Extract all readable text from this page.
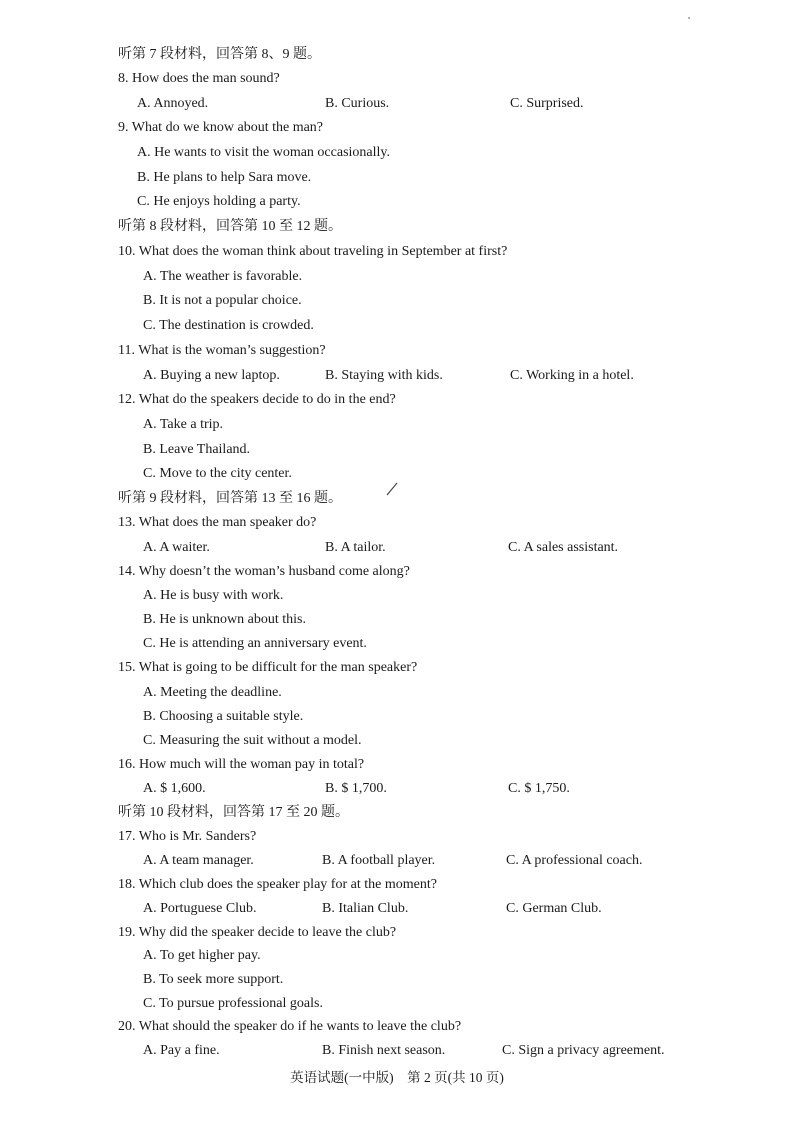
听第 7 段材料，回答第 8、9 题。
8. How does the man sound?
A. Annoyed.	B. Curious.	C. Surprised.
9. What do we know about the man?
A. He wants to visit the woman occasionally.
B. He plans to help Sara move.
C. He enjoys holding a party.
听第 8 段材料，回答第 10 至 12 题。
10. What does the woman think about traveling in September at first?
A. The weather is favorable.
B. It is not a popular choice.
C. The destination is crowded.
11. What is the woman’s suggestion?
A. Buying a new laptop.	B. Staying with kids.	C. Working in a hotel.
12. What do the speakers decide to do in the end?
A. Take a trip.
B. Leave Thailand.
C. Move to the city center.
听第 9 段材料，回答第 13 至 16 题。
13. What does the man speaker do?
A. A waiter.	B. A tailor.	C. A sales assistant.
14. Why doesn’t the woman’s husband come along?
A. He is busy with work.
B. He is unknown about this.
C. He is attending an anniversary event.
15. What is going to be difficult for the man speaker?
A. Meeting the deadline.
B. Choosing a suitable style.
C. Measuring the suit without a model.
16. How much will the woman pay in total?
A. $ 1,600.	B. $ 1,700.	C. $ 1,750.
听第 10 段材料，回答第 17 至 20 题。
17. Who is Mr. Sanders?
A. A team manager.	B. A football player.	C. A professional coach.
18. Which club does the speaker play for at the moment?
A. Portuguese Club.	B. Italian Club.	C. German Club.
19. Why did the speaker decide to leave the club?
A. To get higher pay.
B. To seek more support.
C. To pursue professional goals.
20. What should the speaker do if he wants to leave the club?
A. Pay a fine.	B. Finish next season.	C. Sign a privacy agreement.
英语试题(一中版)　第 2 页(共 10 页)
